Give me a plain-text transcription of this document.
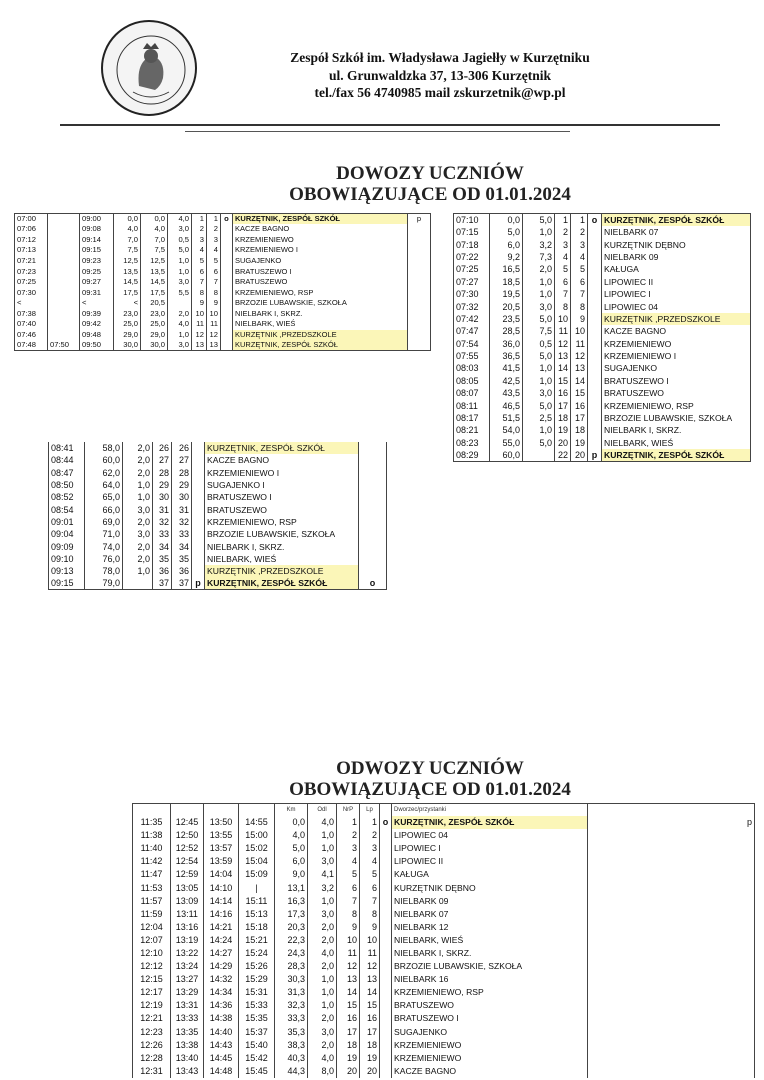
Zespół Szkół im. Władysława Jagiełły w Kurzętniku
ul. Grunwaldzka 37, 13-306 Kurzętnik
tel./fax 56 4740985 mail zskurzetnik@wp.pl
DOWOZY UCZNIÓW
OBOWIĄZUJĄCE OD 01.01.2024
07:00		09:00	0,0	0,0	4,0	1	1	o	KURZĘTNIK, ZESPÓŁ SZKÓŁ	p
07:06		09:08	4,0	4,0	3,0	2	2		KACZE BAGNO	
07:12		09:14	7,0	7,0	0,5	3	3		KRZEMIENIEWO	
07:13		09:15	7,5	7,5	5,0	4	4		KRZEMIENIEWO I	
07:21		09:23	12,5	12,5	1,0	5	5		SUGAJENKO	
07:23		09:25	13,5	13,5	1,0	6	6		BRATUSZEWO I	
07:25		09:27	14,5	14,5	3,0	7	7		BRATUSZEWO	
07:30		09:31	17,5	17,5	5,5	8	8		KRZEMIENIEWO, RSP	
<		<	<	20,5		9	9		BRZOZIE LUBAWSKIE, SZKOŁA	
07:38		09:39	23,0	23,0	2,0	10	10		NIELBARK I, SKRZ.	
07:40		09:42	25,0	25,0	4,0	11	11		NIELBARK, WIEŚ	
07:46		09:48	29,0	29,0	1,0	12	12		KURZĘTNIK ,PRZEDSZKOLE	
07:48	07:50	09:50	30,0	30,0	3,0	13	13		KURZĘTNIK, ZESPÓŁ SZKÓŁ	
07:10	0,0	5,0	1	1	o	KURZĘTNIK, ZESPÓŁ SZKÓŁ
07:15	5,0	1,0	2	2		NIELBARK 07
07:18	6,0	3,2	3	3		KURZĘTNIK DĘBNO
07:22	9,2	7,3	4	4		NIELBARK 09
07:25	16,5	2,0	5	5		KAŁUGA
07:27	18,5	1,0	6	6		LIPOWIEC II
07:30	19,5	1,0	7	7		LIPOWIEC I
07:32	20,5	3,0	8	8		LIPOWIEC 04
07:42	23,5	5,0	10	9		KURZĘTNIK ,PRZEDSZKOLE
07:47	28,5	7,5	11	10		KACZE BAGNO
07:54	36,0	0,5	12	11		KRZEMIENIEWO
07:55	36,5	5,0	13	12		KRZEMIENIEWO I
08:03	41,5	1,0	14	13		SUGAJENKO
08:05	42,5	1,0	15	14		BRATUSZEWO I
08:07	43,5	3,0	16	15		BRATUSZEWO
08:11	46,5	5,0	17	16		KRZEMIENIEWO, RSP
08:17	51,5	2,5	18	17		BRZOZIE LUBAWSKIE, SZKOŁA
08:21	54,0	1,0	19	18		NIELBARK I, SKRZ.
08:23	55,0	5,0	20	19		NIELBARK, WIEŚ
08:29	60,0		22	20	p	KURZĘTNIK, ZESPÓŁ SZKÓŁ
08:41	58,0	2,0	26	26		KURZĘTNIK, ZESPÓŁ SZKÓŁ	
08:44	60,0	2,0	27	27		KACZE BAGNO	
08:47	62,0	2,0	28	28		KRZEMIENIEWO I	
08:50	64,0	1,0	29	29		SUGAJENKO I	
08:52	65,0	1,0	30	30		BRATUSZEWO I	
08:54	66,0	3,0	31	31		BRATUSZEWO	
09:01	69,0	2,0	32	32		KRZEMIENIEWO, RSP	
09:04	71,0	3,0	33	33		BRZOZIE LUBAWSKIE, SZKOŁA	
09:09	74,0	2,0	34	34		NIELBARK I, SKRZ.	
09:10	76,0	2,0	35	35		NIELBARK, WIEŚ	
09:13	78,0	1,0	36	36		KURZĘTNIK ,PRZEDSZKOLE	
09:15	79,0		37	37	p	KURZĘTNIK, ZESPÓŁ SZKÓŁ	o
ODWOZY UCZNIÓW
OBOWIĄZUJĄCE OD 01.01.2024
				Km	Odl	NrP	Lp		Dworzec/przystanki	
11:35	12:45	13:50	14:55	0,0	4,0	1	1	o	KURZĘTNIK, ZESPÓŁ SZKÓŁ	p
11:38	12:50	13:55	15:00	4,0	1,0	2	2		LIPOWIEC 04	
11:40	12:52	13:57	15:02	5,0	1,0	3	3		LIPOWIEC I	
11:42	12:54	13:59	15:04	6,0	3,0	4	4		LIPOWIEC II	
11:47	12:59	14:04	15:09	9,0	4,1	5	5		KAŁUGA	
11:53	13:05	14:10	|	13,1	3,2	6	6		KURZĘTNIK DĘBNO	
11:57	13:09	14:14	15:11	16,3	1,0	7	7		NIELBARK 09	
11:59	13:11	14:16	15:13	17,3	3,0	8	8		NIELBARK 07	
12:04	13:16	14:21	15:18	20,3	2,0	9	9		NIELBARK 12	
12:07	13:19	14:24	15:21	22,3	2,0	10	10		NIELBARK, WIEŚ	
12:10	13:22	14:27	15:24	24,3	4,0	11	11		NIELBARK I, SKRZ.	
12:12	13:24	14:29	15:26	28,3	2,0	12	12		BRZOZIE LUBAWSKIE, SZKOŁA	
12:15	13:27	14:32	15:29	30,3	1,0	13	13		NIELBARK 16	
12:17	13:29	14:34	15:31	31,3	1,0	14	14		KRZEMIENIEWO, RSP	
12:19	13:31	14:36	15:33	32,3	1,0	15	15		BRATUSZEWO	
12:21	13:33	14:38	15:35	33,3	2,0	16	16		BRATUSZEWO I	
12:23	13:35	14:40	15:37	35,3	3,0	17	17		SUGAJENKO	
12:26	13:38	14:43	15:40	38,3	2,0	18	18		KRZEMIENIEWO	
12:28	13:40	14:45	15:42	40,3	4,0	19	19		KRZEMIENIEWO	
12:31	13:43	14:48	15:45	44,3	8,0	20	20		KACZE BAGNO	
